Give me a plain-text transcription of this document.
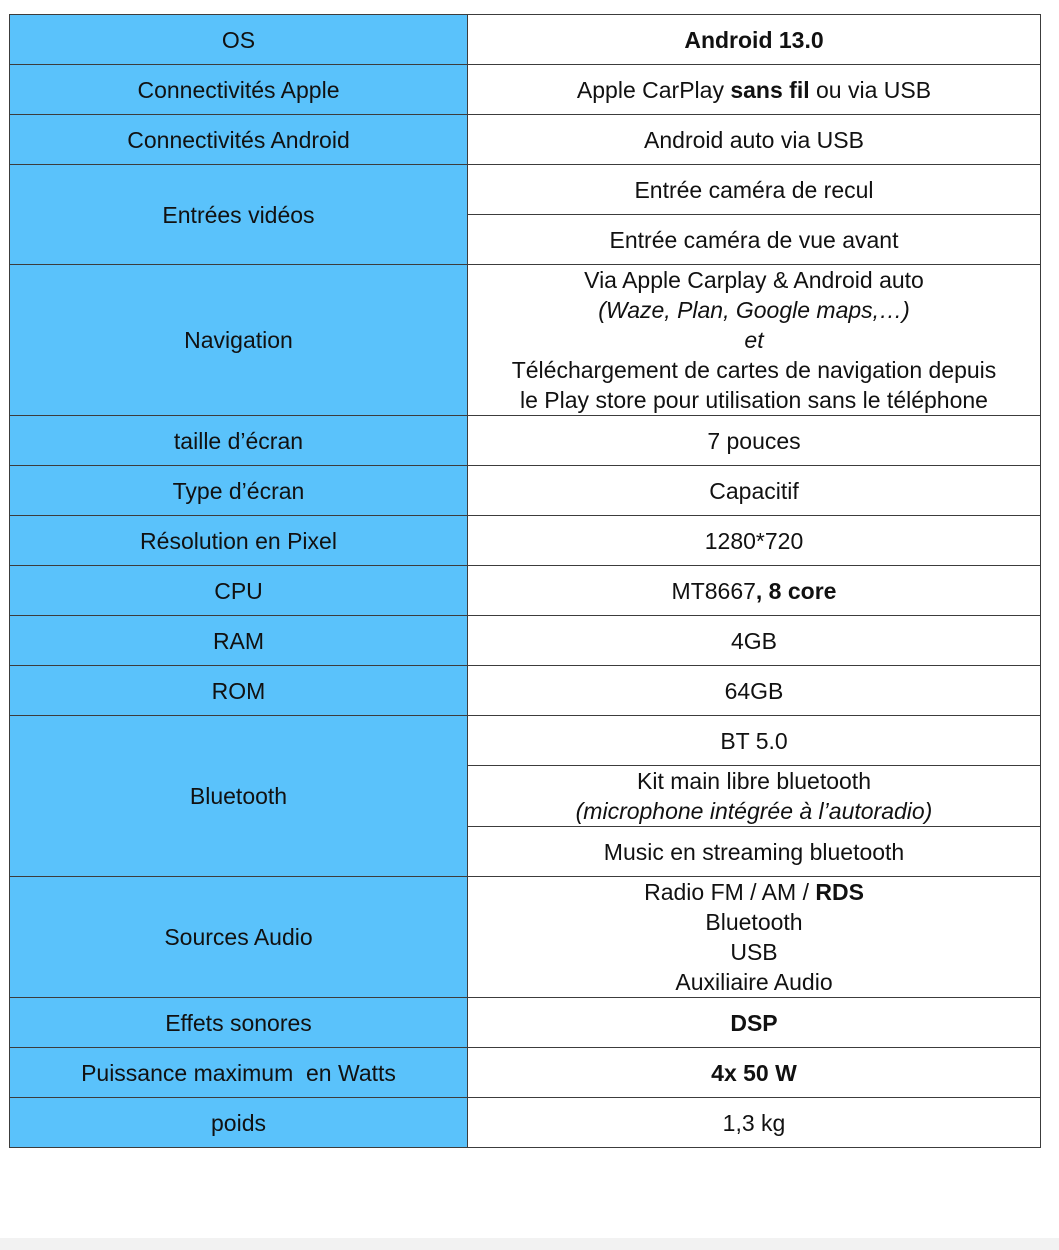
OS	Android 13.0
Connectivités Apple	Apple CarPlay sans fil ou via USB
Connectivités Android	Android auto via USB
Entrées vidéos	Entrée caméra de recul
	Entrée caméra de vue avant
Navigation	Via Apple Carplay & Android auto
(Waze, Plan, Google maps,…)
et
Téléchargement de cartes de navigation depuis
le Play store pour utilisation sans le téléphone

taille d’écran	7 pouces
Type d’écran	Capacitif
Résolution en Pixel	1280*720
CPU	MT8667, 8 core
RAM	4GB
ROM	64GB
Bluetooth	BT 5.0

	Kit main libre bluetooth
(microphone intégrée à l’autoradio)

	Music en streaming bluetooth
Sources Audio	Radio FM / AM / RDS
Bluetooth
USB
Auxiliaire Audio

Effets sonores	DSP
Puissance maximum  en Watts	4x 50 W
poids	1,3 kg
